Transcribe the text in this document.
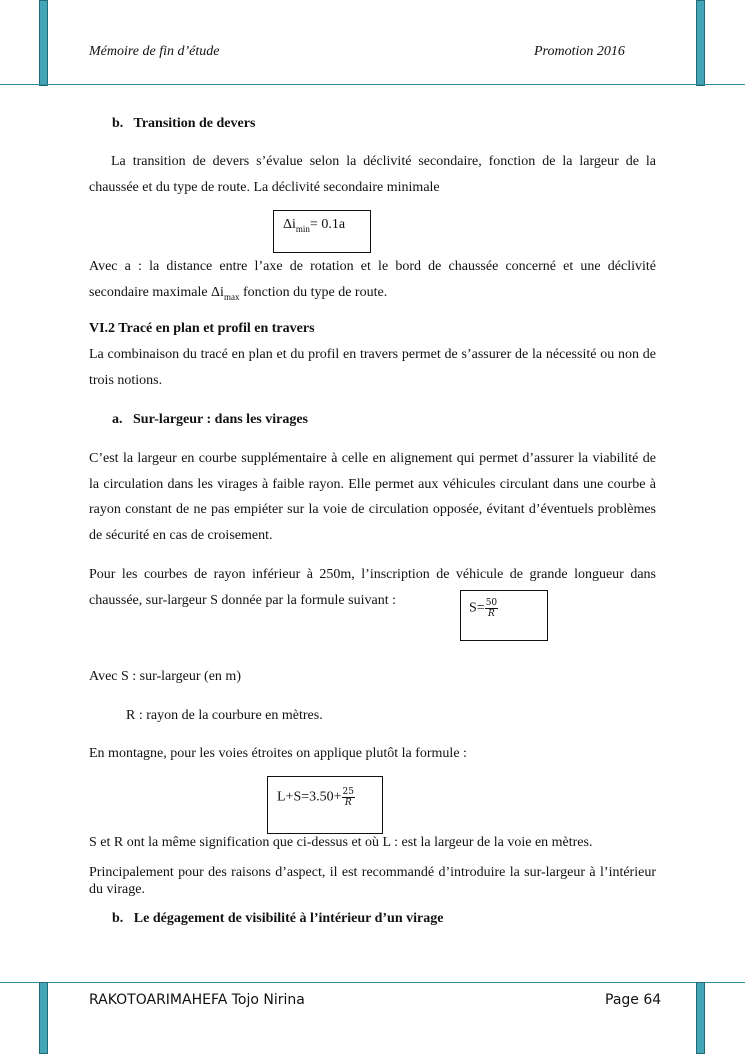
Mémoire de fin d’étude	Promotion 2016
b. Transition de devers

La transition de devers s’évalue selon la déclivité secondaire, fonction de la largeur de la chaussée et du type de route. La déclivité secondaire minimale

$\Delta i_{min}= 0.1a$

Avec a : la distance entre l’axe de rotation et le bord de chaussée concerné et une déclivité secondaire maximale $\Delta i_{max}$ fonction du type de route.

VI.2 Tracé en plan et profil en travers

La combinaison du tracé en plan et du profil en travers permet de s’assurer de la nécessité ou non de trois notions.

a. Sur-largeur : dans les virages

C’est la largeur en courbe supplémentaire à celle en alignement qui permet d’assurer la viabilité de la circulation dans les virages à faible rayon. Elle permet aux véhicules circulant dans une courbe à rayon constant de ne pas empiéter sur la voie de circulation opposée, évitant d’éventuels problèmes de sécurité en cas de croisement.

Pour les courbes de rayon inférieur à 250m, l’inscription de véhicule de grande longueur dans chaussée, sur-largeur S donnée par la formule suivant :

$S= \frac{50}{R}$

Avec S : sur-largeur (en m)

R : rayon de la courbure en mètres.

En montagne, pour les voies étroites on applique plutôt la formule :

$L+S=3.50+ \frac{25}{R}$

S et R ont la même signification que ci-dessus et où L : est la largeur de la voie en mètres.

Principalement pour des raisons d’aspect, il est recommandé d’introduire la sur-largeur à l’intérieur du virage.

b. Le dégagement de visibilité à l’intérieur d’un virage
RAKOTOARIMAHEFA Tojo Nirina	Page 64
